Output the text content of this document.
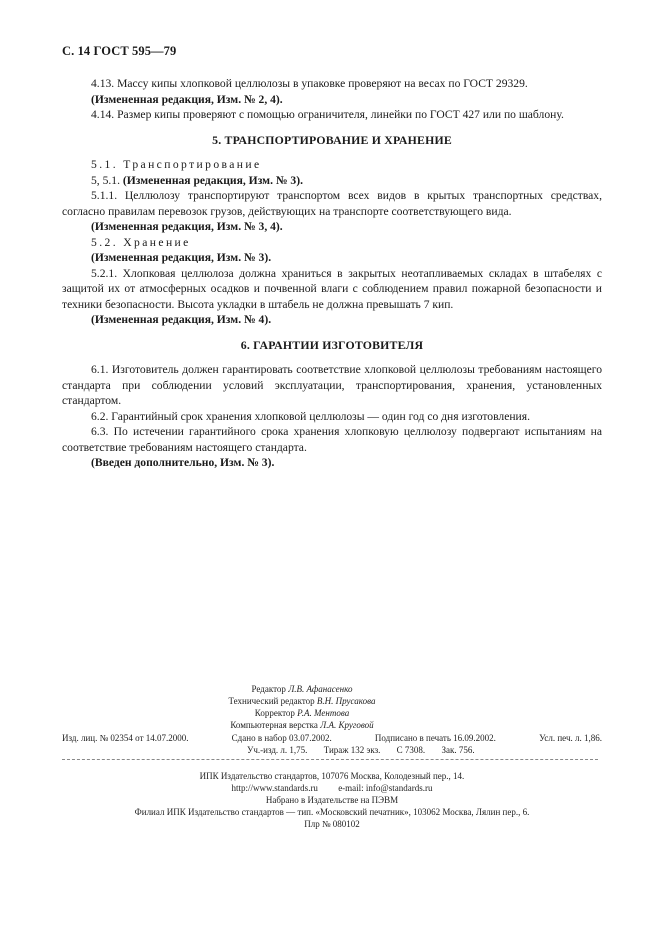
С. 14 ГОСТ 595—79

4.13. Массу кипы хлопковой целлюлозы в упаковке проверяют на весах по ГОСТ 29329.

(Измененная редакция, Изм. № 2, 4).

4.14. Размер кипы проверяют с помощью ограничителя, линейки по ГОСТ 427 или по шаблону.

5. ТРАНСПОРТИРОВАНИЕ И ХРАНЕНИЕ

5.1. Транспортирование

5, 5.1. (Измененная редакция, Изм. № 3).

5.1.1. Целлюлозу транспортируют транспортом всех видов в крытых транспортных средствах, согласно правилам перевозок грузов, действующих на транспорте соответствующего вида.

(Измененная редакция, Изм. № 3, 4).

5.2. Хранение

(Измененная редакция, Изм. № 3).

5.2.1. Хлопковая целлюлоза должна храниться в закрытых неотапливаемых складах в штабелях с защитой их от атмосферных осадков и почвенной влаги с соблюдением правил пожарной безопасности и техники безопасности. Высота укладки в штабель не должна превышать 7 кип.

(Измененная редакция, Изм. № 4).

6. ГАРАНТИИ ИЗГОТОВИТЕЛЯ

6.1. Изготовитель должен гарантировать соответствие хлопковой целлюлозы требованиям настоящего стандарта при соблюдении условий эксплуатации, транспортирования, хранения, установленных стандартом.

6.2. Гарантийный срок хранения хлопковой целлюлозы — один год со дня изготовления.

6.3. По истечении гарантийного срока хранения хлопковую целлюлозу подвергают испытаниям на соответствие требованиям настоящего стандарта.

(Введен дополнительно, Изм. № 3).

Редактор Л.В. Афанасенко
Технический редактор В.Н. Прусакова
Корректор Р.А. Ментова
Компьютерная верстка Л.А. Круговой
Изд. лиц. № 02354 от 14.07.2000.	Сдано в набор 03.07.2002.	Подписано в печать 16.09.2002.	Усл. печ. л. 1,86.
Уч.-изд. л. 1,75. Тираж 132 экз. С 7308. Зак. 756.
ИПК Издательство стандартов, 107076 Москва, Колодезный пер., 14.
http://www.standards.ru e-mail: info@standards.ru
Набрано в Издательстве на ПЭВМ
Филиал ИПК Издательство стандартов — тип. «Московский печатник», 103062 Москва, Лялин пер., 6.
Плр № 080102
